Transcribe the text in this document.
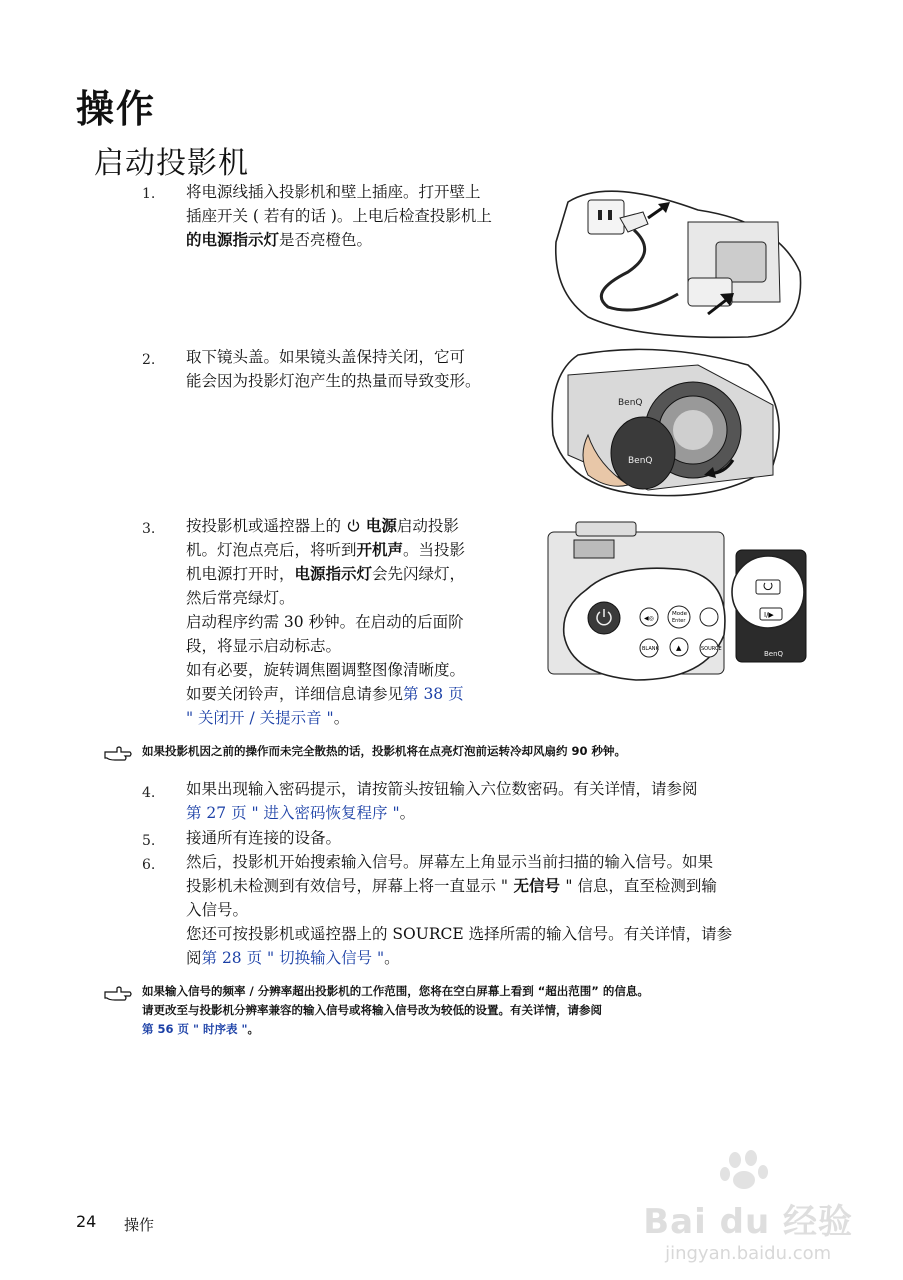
操作
启动投影机
1. 将电源线插入投影机和壁上插座。打开壁上
插座开关 ( 若有的话 )。上电后检查投影机上
的电源指示灯是否亮橙色。
2. 取下镜头盖。如果镜头盖保持关闭，它可
能会因为投影灯泡产生的热量而导致变形。
BenQ
BenQ
3. 按投影机或遥控器上的 电源启动投影
机。灯泡点亮后，将听到开机声。当投影
机电源打开时，电源指示灯会先闪绿灯，
然后常亮绿灯。
启动程序约需 30 秒钟。在启动的后面阶
段，将显示启动标志。
如有必要，旋转调焦圈调整图像清晰度。
如要关闭铃声，详细信息请参见第 38 页
" 关闭开 / 关提示音 "。
◀◎
Mode
Enter
BLANK ▲	SOURCE
I/▶
BenQ
如果投影机因之前的操作而未完全散热的话，投影机将在点亮灯泡前运转冷却风扇约 90 秒钟。
4. 如果出现输入密码提示，请按箭头按钮输入六位数密码。有关详情，请参阅
第 27 页 " 进入密码恢复程序 "。
5. 接通所有连接的设备。
6. 然后，投影机开始搜索输入信号。屏幕左上角显示当前扫描的输入信号。如果
投影机未检测到有效信号，屏幕上将一直显示 " 无信号 " 信息，直至检测到输
入信号。
您还可按投影机或遥控器上的 SOURCE 选择所需的输入信号。有关详情，请参
阅第 28 页 " 切换输入信号 "。
如果输入信号的频率 / 分辨率超出投影机的工作范围，您将在空白屏幕上看到 “超出范围” 的信息。
请更改至与投影机分辨率兼容的输入信号或将输入信号改为较低的设置。有关详情，请参阅
第 56 页 " 时序表 "。
24 操作	Bai du 经验
jingyan.baidu.com
